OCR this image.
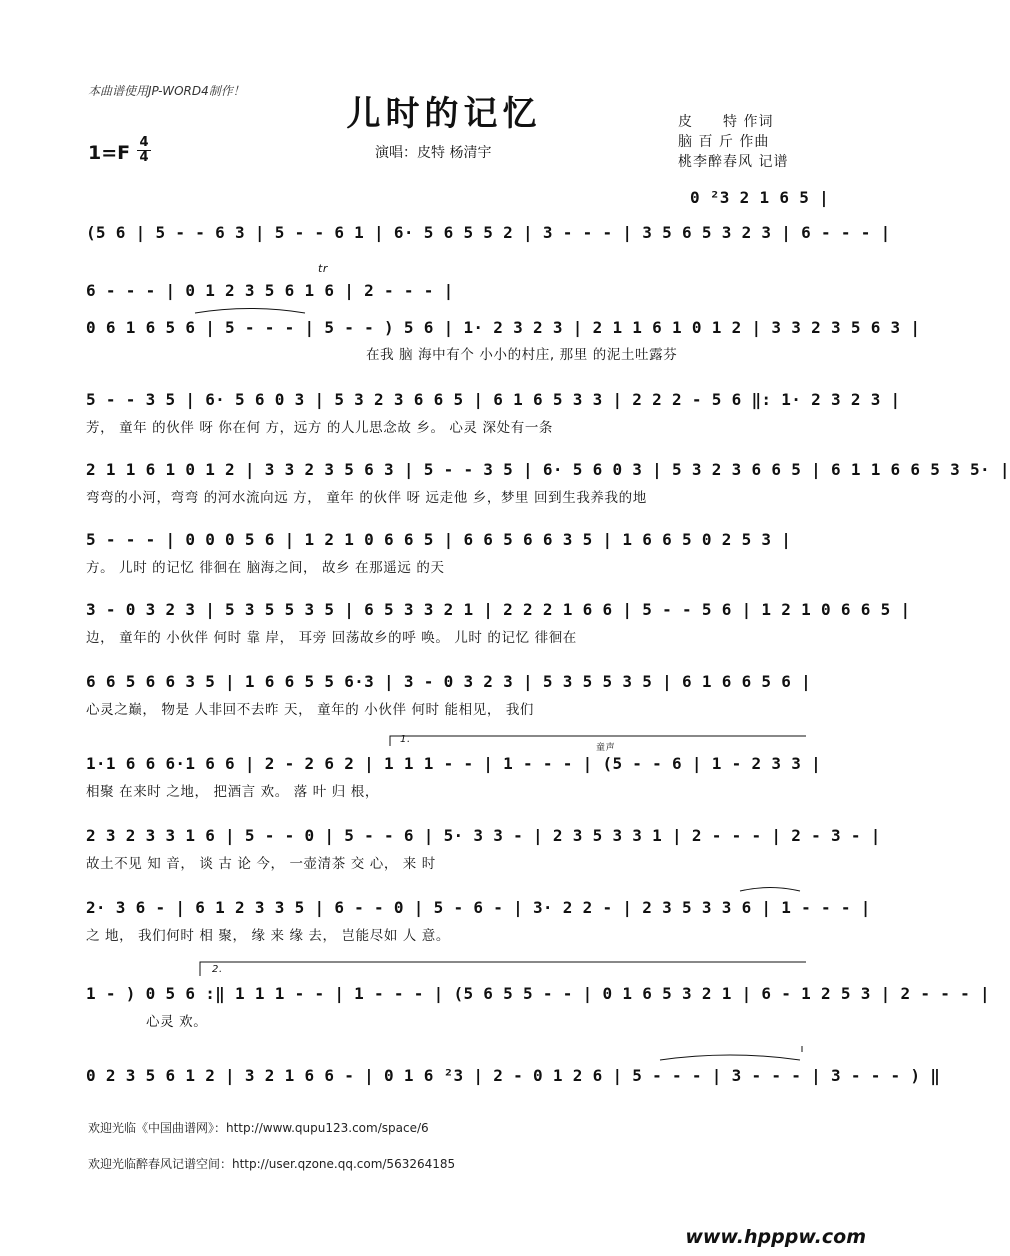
本曲谱使用JP-WORD4制作！
儿时的记忆
1=F 4
4	演唱：皮特 杨清宇
皮　　特 作词
脑 百 斤 作曲
桃李醉春风 记谱
0 ²3 2 1 6 5 |
(5 6 | 5 - - 6 3 | 5 - - 6 1 | 6· 5 6 5 5 2 | 3 - - - | 3 5 6 5 3 2 3 | 6 - - - |
tr
6 - - - | 0 1 2 3 5 6 1 6 | 2 - - - |
0 6 1 6 5 6 | 5 - - - | 5 - - ) 5 6 | 1· 2 3 2 3 | 2 1 1 6 1 0 1 2 | 3 3 2 3 5 6 3 |
在我 脑 海中有个 小小的村庄, 那里 的泥土吐露芬
5 - - 3 5 | 6· 5 6 0 3 | 5 3 2 3 6 6 5 | 6 1 6 5 3 3 | 2 2 2 - 5 6 ‖: 1· 2 3 2 3 |
芳， 童年 的伙伴 呀 你在何 方，远方 的人儿思念故 乡。 心灵 深处有一条
2 1 1 6 1 0 1 2 | 3 3 2 3 5 6 3 | 5 - - 3 5 | 6· 5 6 0 3 | 5 3 2 3 6 6 5 | 6 1 1 6 6 5 3 5· |
弯弯的小河，弯弯 的河水流向远 方， 童年 的伙伴 呀 远走他 乡，梦里 回到生我养我的地
5 - - - | 0 0 0 5 6 | 1 2 1 0 6 6 5 | 6 6 5 6 6 3 5 | 1 6 6 5 0 2 5 3 |
方。 儿时 的记忆 徘徊在 脑海之间， 故乡 在那遥远 的天
3 - 0 3 2 3 | 5 3 5 5 3 5 | 6 5 3 3 2 1 | 2 2 2 1 6 6 | 5 - - 5 6 | 1 2 1 0 6 6 5 |
边， 童年的 小伙伴 何时 靠 岸， 耳旁 回荡故乡的呼 唤。 儿时 的记忆 徘徊在
6 6 5 6 6 3 5 | 1 6 6 5 5 6·3 | 3 - 0 3 2 3 | 5 3 5 5 3 5 | 6 1 6 6 5 6 |
心灵之巅， 物是 人非回不去昨 天， 童年的 小伙伴 何时 能相见， 我们
童声
1.
1·1 6 6 6·1 6 6 | 2 - 2 6 2 | 1 1 1 - - | 1 - - - | (5 - - 6 | 1 - 2 3 3 |
相聚 在来时 之地， 把酒言 欢。 落 叶 归 根，
2 3 2 3 3 1 6 | 5 - - 0 | 5 - - 6 | 5· 3 3 - | 2 3 5 3 3 1 | 2 - - - | 2 - 3 - |
故土不见 知 音， 谈 古 论 今， 一壶清茶 交 心， 来 时
2· 3 6 - | 6 1 2 3 3 5 | 6 - - 0 | 5 - 6 - | 3· 2 2 - | 2 3 5 3 3 6 | 1 - - - |
之 地， 我们何时 相 聚， 缘 来 缘 去， 岂能尽如 人 意。
2.
1 - ) 0 5 6 :‖ 1 1 1 - - | 1 - - - | (5 6 5 5 - - | 0 1 6 5 3 2 1 | 6 - 1 2 5 3 | 2 - - - |
心灵 欢。
0 2 3 5 6 1 2 | 3 2 1 6 6 - | 0 1 6 ²3 | 2 - 0 1 2 6 | 5 - - - | 3 - - - | 3 - - - ) ‖
欢迎光临《中国曲谱网》：http://www.qupu123.com/space/6
欢迎光临醉春风记谱空间：http://user.qzone.qq.com/563264185
www.hpppw.com
